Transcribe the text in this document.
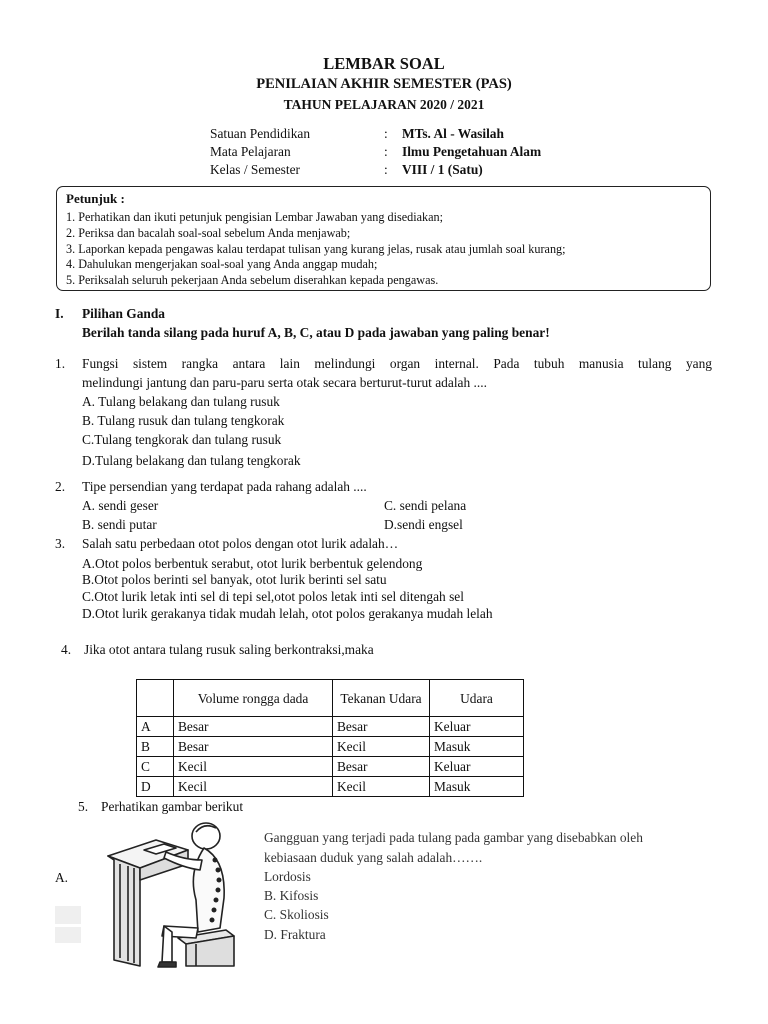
LEMBAR SOAL
PENILAIAN AKHIR SEMESTER (PAS)
TAHUN PELAJARAN 2020 / 2021
Satuan Pendidikan	: MTs. Al - Wasilah
Mata Pelajaran	: Ilmu Pengetahuan Alam
Kelas / Semester	: VIII / 1 (Satu)
Petunjuk :
1. Perhatikan dan ikuti petunjuk pengisian Lembar Jawaban yang disediakan;
2. Periksa dan bacalah soal-soal sebelum Anda menjawab;
3. Laporkan kepada pengawas kalau terdapat tulisan yang kurang jelas, rusak atau jumlah soal kurang;
4. Dahulukan mengerjakan soal-soal yang Anda anggap mudah;
5. Periksalah seluruh pekerjaan Anda sebelum diserahkan kepada pengawas.
I. Pilihan Ganda
Berilah tanda silang pada huruf A, B, C, atau D pada jawaban yang paling benar!
1. Fungsi sistem rangka antara lain melindungi organ internal. Pada tubuh manusia tulang yang
melindungi jantung dan paru-paru serta otak secara berturut-turut adalah ....
A. Tulang belakang dan tulang rusuk
B. Tulang rusuk dan tulang tengkorak
C.Tulang tengkorak dan tulang rusuk
D.Tulang belakang dan tulang tengkorak
2. Tipe persendian yang terdapat pada rahang adalah ....
A. sendi geser	C. sendi pelana
B. sendi putar	D.sendi engsel
3. Salah satu perbedaan otot polos dengan otot lurik adalah…
A.Otot polos berbentuk serabut, otot lurik berbentuk gelendong
B.Otot polos berinti sel banyak, otot lurik berinti sel satu
C.Otot lurik letak inti sel di tepi sel,otot polos letak inti sel ditengah sel
D.Otot lurik gerakanya tidak mudah lelah, otot polos gerakanya mudah lelah
4. Jika otot antara tulang rusuk saling berkontraksi,maka
	Volume rongga dada	Tekanan Udara	Udara
A	Besar	Besar	Keluar
B	Besar	Kecil	Masuk
C	Kecil	Besar	Keluar
D	Kecil	Kecil	Masuk
5. Perhatikan gambar berikut
A.
Gangguan yang terjadi pada tulang pada gambar yang disebabkan oleh
kebiasaan duduk yang salah adalah…….
Lordosis
B. Kifosis
C. Skoliosis
D. Fraktura
